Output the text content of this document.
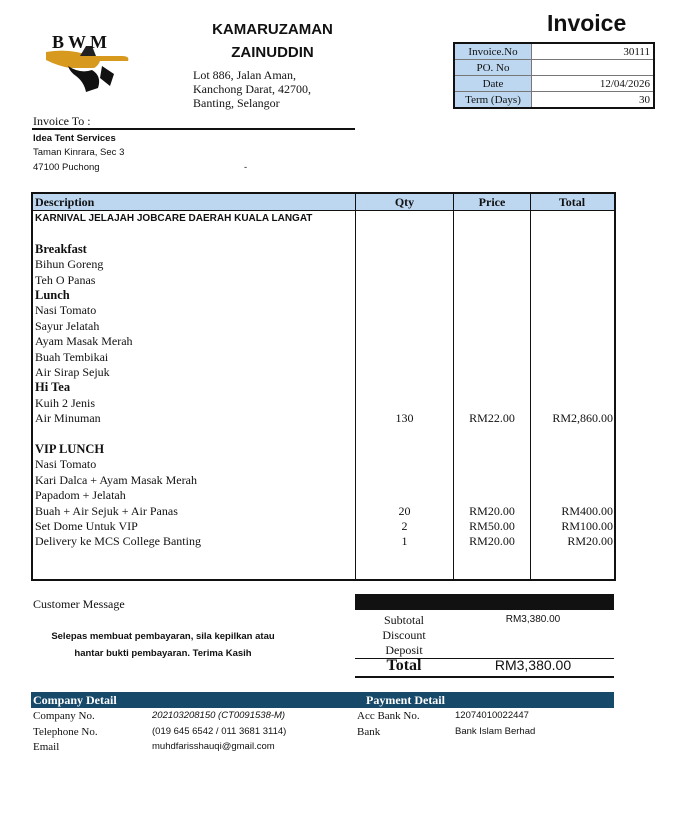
BWM
KAMARUZAMAN ZAINUDDIN
Lot 886, Jalan Aman,
Kanchong Darat, 42700,
Banting, Selangor
Invoice
Invoice.No	30111
PO. No	
Date	12/04/2026
Term (Days)	30
Invoice To :
Idea Tent Services
Taman Kinrara, Sec 3
47100 Puchong	-
Description	Qty	Price	Total
KARNIVAL JELAJAH JOBCARE DAERAH KUALA LANGAT
Breakfast
Bihun Goreng
Teh O Panas
Lunch
Nasi Tomato
Sayur Jelatah
Ayam Masak Merah
Buah Tembikai
Air Sirap Sejuk
Hi Tea
Kuih 2 Jenis
Air Minuman	130	RM22.00	RM2,860.00
VIP LUNCH
Nasi Tomato
Kari Dalca + Ayam Masak Merah
Papadom + Jelatah
Buah + Air Sejuk + Air Panas	20	RM20.00	RM400.00
Set Dome Untuk VIP	2	RM50.00	RM100.00
Delivery ke MCS College Banting	1	RM20.00	RM20.00
Customer Message
Selepas membuat pembayaran, sila kepilkan atau hantar bukti pembayaran. Terima Kasih
Subtotal	RM3,380.00
Discount
Deposit
Total	RM3,380.00
Company Detail	Payment Detail
Company No.	202103208150 (CT0091538-M)
Telephone No.	(019 645 6542 / 011 3681 3114)
Email	muhdfarisshauqi@gmail.com
Acc Bank No.	12074010022447
Bank	Bank Islam Berhad
